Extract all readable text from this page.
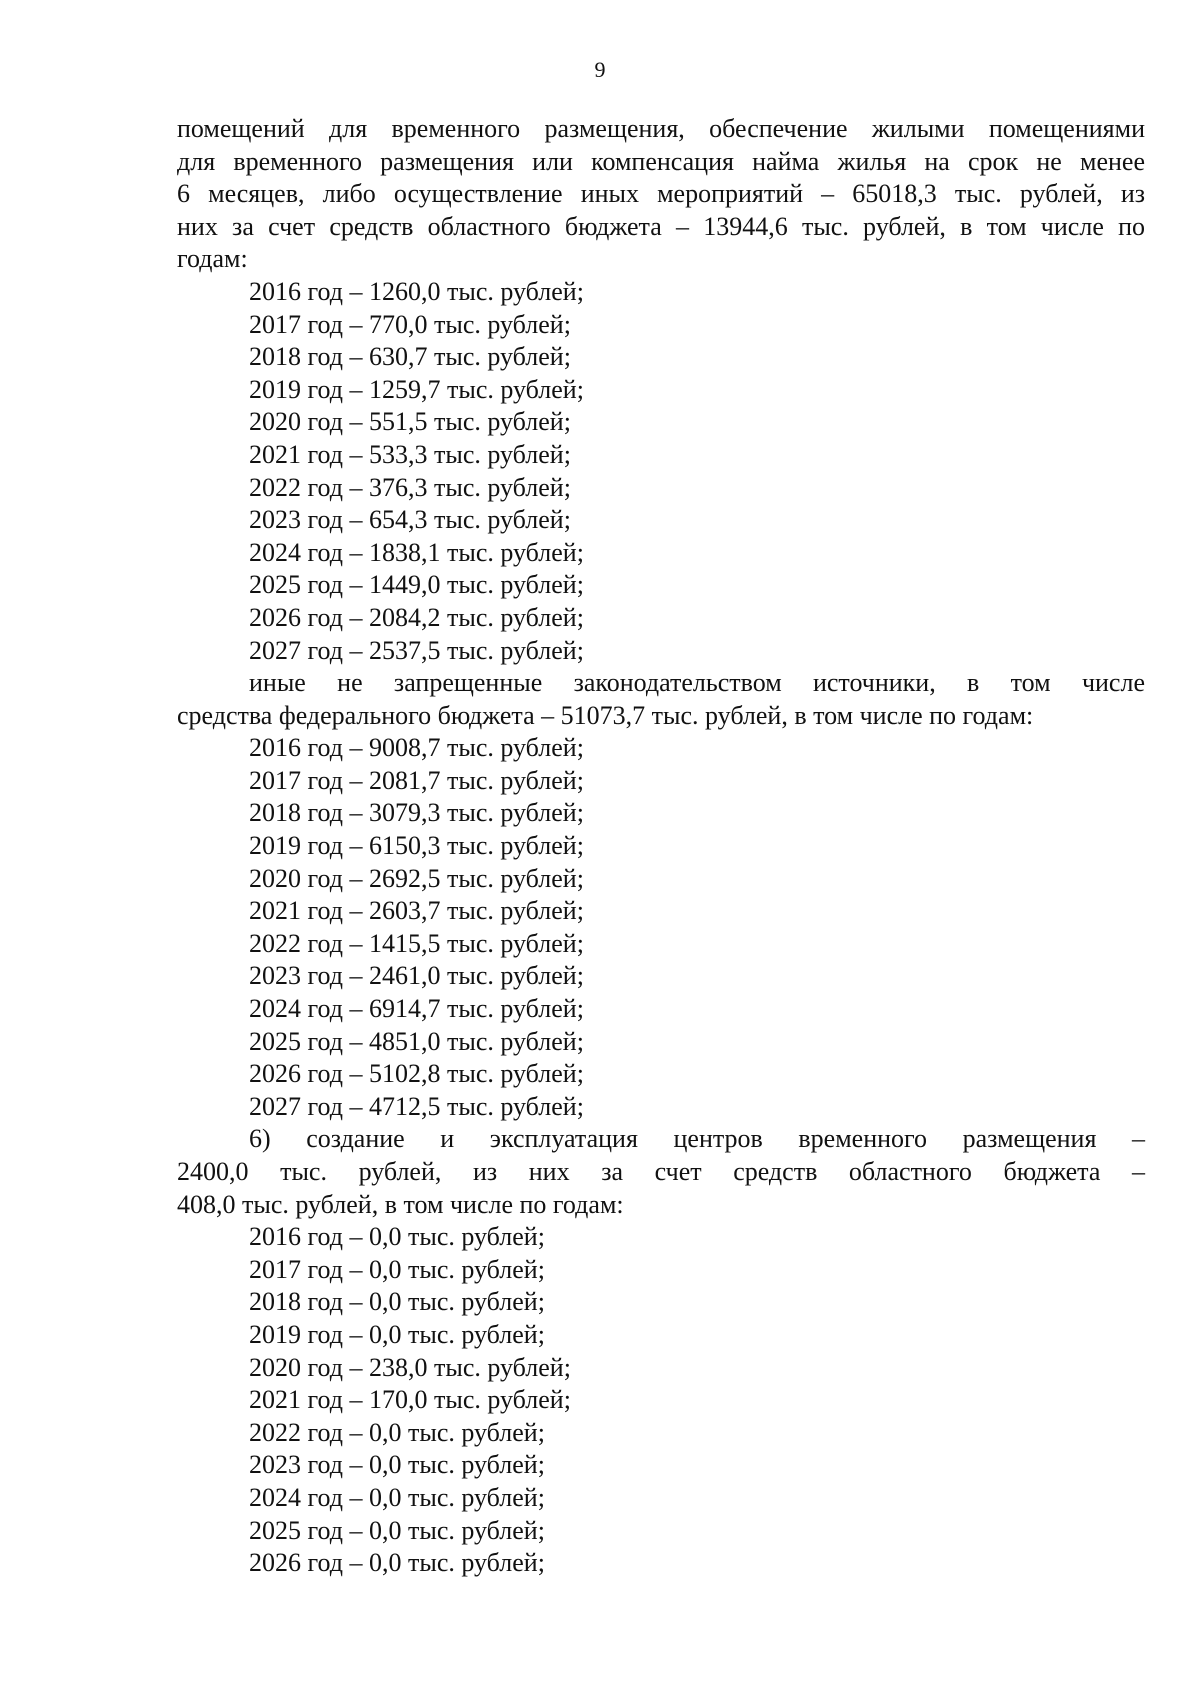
9

помещений для временного размещения, обеспечение жилыми помещениями
для временного размещения или компенсация найма жилья на срок не менее
6 месяцев, либо осуществление иных мероприятий – 65018,3 тыс. рублей, из
них за счет средств областного бюджета – 13944,6 тыс. рублей, в том числе по
годам:

2016 год – 1260,0 тыс. рублей;
2017 год – 770,0 тыс. рублей;
2018 год – 630,7 тыс. рублей;
2019 год – 1259,7 тыс. рублей;
2020 год – 551,5 тыс. рублей;
2021 год – 533,3 тыс. рублей;
2022 год – 376,3 тыс. рублей;
2023 год – 654,3 тыс. рублей;
2024 год – 1838,1 тыс. рублей;
2025 год – 1449,0 тыс. рублей;
2026 год – 2084,2 тыс. рублей;
2027 год – 2537,5 тыс. рублей;

иные не запрещенные законодательством источники, в том числе
средства федерального бюджета – 51073,7 тыс. рублей, в том числе по годам:

2016 год – 9008,7 тыс. рублей;
2017 год – 2081,7 тыс. рублей;
2018 год – 3079,3 тыс. рублей;
2019 год – 6150,3 тыс. рублей;
2020 год – 2692,5 тыс. рублей;
2021 год – 2603,7 тыс. рублей;
2022 год – 1415,5 тыс. рублей;
2023 год – 2461,0 тыс. рублей;
2024 год – 6914,7 тыс. рублей;
2025 год – 4851,0 тыс. рублей;
2026 год – 5102,8 тыс. рублей;
2027 год – 4712,5 тыс. рублей;

6) создание и эксплуатация центров временного размещения –
2400,0 тыс. рублей, из них за счет средств областного бюджета –
408,0 тыс. рублей, в том числе по годам:

2016 год – 0,0 тыс. рублей;
2017 год – 0,0 тыс. рублей;
2018 год – 0,0 тыс. рублей;
2019 год – 0,0 тыс. рублей;
2020 год – 238,0 тыс. рублей;
2021 год – 170,0 тыс. рублей;
2022 год – 0,0 тыс. рублей;
2023 год – 0,0 тыс. рублей;
2024 год – 0,0 тыс. рублей;
2025 год – 0,0 тыс. рублей;
2026 год – 0,0 тыс. рублей;
